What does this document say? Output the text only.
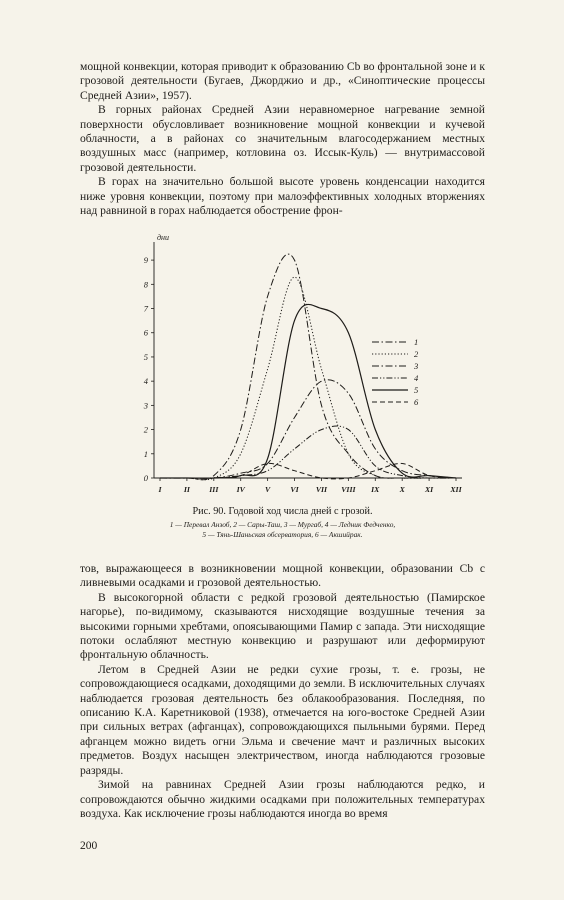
мощной конвекции, которая приводит к образованию Cb во фронтальной зоне и к грозовой деятельности (Бугаев, Джорджио и др., «Синоптические процессы Средней Азии», 1957).

В горных районах Средней Азии неравномерное нагревание земной поверхности обусловливает возникновение мощной конвекции и кучевой облачности, а в районах со значительным влагосодержанием местных воздушных масс (например, котловина оз. Иссык-Куль) — внутримассовой грозовой деятельности.

В горах на значительно большой высоте уровень конденсации находится ниже уровня конвекции, поэтому при малоэффективных холодных вторжениях над равниной в горах наблюдается обострение фрон-

дни
0
1
2
3
4
5
6
7
8
9
I	II III IV	V	VI VII VIII IX	X	XI XII
1
2
3
4
5
6
Рис. 90. Годовой ход числа дней с грозой.
1 — Перевал Анзоб, 2 — Сары-Таш, 3 — Мургаб, 4 — Ледник Федченко,
5 — Тянь-Шаньская обсерватория, 6 — Акшийрак.

тов, выражающееся в возникновении мощной конвекции, образовании Cb с ливневыми осадками и грозовой деятельностью.

В высокогорной области с редкой грозовой деятельностью (Памирское нагорье), по-видимому, сказываются нисходящие воздушные течения за высокими горными хребтами, опоясывающими Памир с запада. Эти нисходящие потоки ослабляют местную конвекцию и разрушают или деформируют фронтальную облачность.

Летом в Средней Азии не редки сухие грозы, т. е. грозы, не сопровождающиеся осадками, доходящими до земли. В исключительных случаях наблюдается грозовая деятельность без облакообразования. Последняя, по описанию К.А. Каретниковой (1938), отмечается на юго-востоке Средней Азии при сильных ветрах (афганцах), сопровождающихся пыльными бурями. Перед афганцем можно видеть огни Эльма и свечение мачт и различных высоких предметов. Воздух насыщен электричеством, иногда наблюдаются грозовые разряды.

Зимой на равнинах Средней Азии грозы наблюдаются редко, и сопровождаются обычно жидкими осадками при положительных температурах воздуха. Как исключение грозы наблюдаются иногда во время

200
